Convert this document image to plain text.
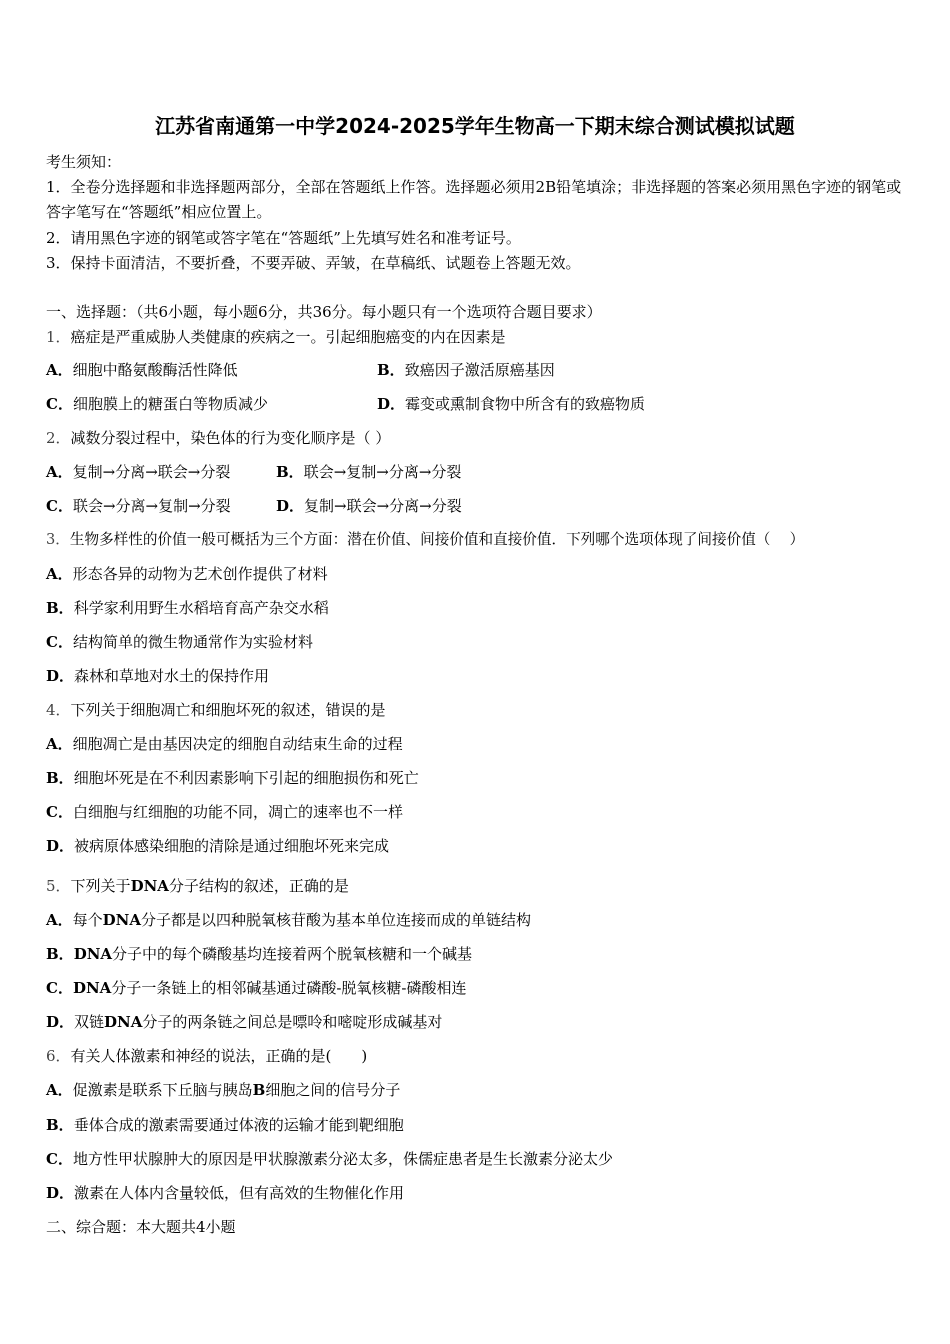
江苏省南通第一中学2024-2025学年生物高一下期末综合测试模拟试题
考生须知：
1．全卷分选择题和非选择题两部分，全部在答题纸上作答。选择题必须用2B铅笔填涂；非选择题的答案必须用黑色字迹的钢笔或答字笔写在“答题纸”相应位置上。
2．请用黑色字迹的钢笔或答字笔在“答题纸”上先填写姓名和准考证号。
3．保持卡面清洁，不要折叠，不要弄破、弄皱，在草稿纸、试题卷上答题无效。
一、选择题：（共6小题，每小题6分，共36分。每小题只有一个选项符合题目要求）
1．癌症是严重威胁人类健康的疾病之一。引起细胞癌变的内在因素是
A．细胞中酪氨酸酶活性降低	B．致癌因子激活原癌基因
C．细胞膜上的糖蛋白等物质减少	D．霉变或熏制食物中所含有的致癌物质
2．减数分裂过程中，染色体的行为变化顺序是（ ）
A．复制→分离→联会→分裂	B．联会→复制→分离→分裂
C．联会→分离→复制→分裂	D．复制→联会→分离→分裂
3．生物多样性的价值一般可概括为三个方面：潜在价值、间接价值和直接价值．下列哪个选项体现了间接价值（　 ）
A．形态各异的动物为艺术创作提供了材料
B．科学家利用野生水稻培育高产杂交水稻
C．结构简单的微生物通常作为实验材料
D．森林和草地对水土的保持作用
4．下列关于细胞凋亡和细胞坏死的叙述，错误的是
A．细胞凋亡是由基因决定的细胞自动结束生命的过程
B．细胞坏死是在不利因素影响下引起的细胞损伤和死亡
C．白细胞与红细胞的功能不同，凋亡的速率也不一样
D．被病原体感染细胞的清除是通过细胞坏死来完成
5．下列关于DNA分子结构的叙述，正确的是
A．每个DNA分子都是以四种脱氧核苷酸为基本单位连接而成的单链结构
B．DNA分子中的每个磷酸基均连接着两个脱氧核糖和一个碱基
C．DNA分子一条链上的相邻碱基通过磷酸-脱氧核糖-磷酸相连
D．双链DNA分子的两条链之间总是嘌呤和嘧啶形成碱基对
6．有关人体激素和神经的说法，正确的是(　　)
A．促激素是联系下丘脑与胰岛B细胞之间的信号分子
B．垂体合成的激素需要通过体液的运输才能到靶细胞
C．地方性甲状腺肿大的原因是甲状腺激素分泌太多，侏儒症患者是生长激素分泌太少
D．激素在人体内含量较低，但有高效的生物催化作用
二、综合题：本大题共4小题
